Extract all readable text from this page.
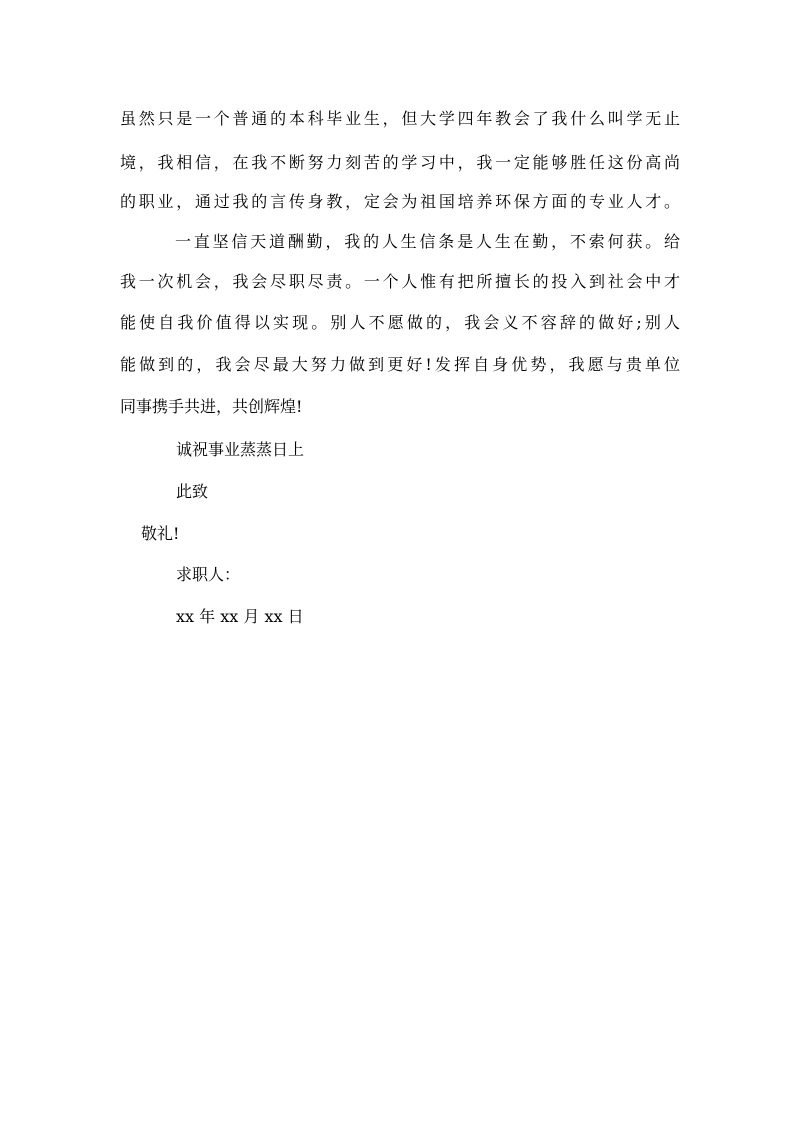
虽然只是一个普通的本科毕业生，但大学四年教会了我什么叫学无止
境，我相信，在我不断努力刻苦的学习中，我一定能够胜任这份高尚
的职业，通过我的言传身教，定会为祖国培养环保方面的专业人才。
一直坚信天道酬勤，我的人生信条是人生在勤，不索何获。给
我一次机会，我会尽职尽责。一个人惟有把所擅长的投入到社会中才
能使自我价值得以实现。别人不愿做的，我会义不容辞的做好;别人
能做到的，我会尽最大努力做到更好!发挥自身优势，我愿与贵单位
同事携手共进，共创辉煌!
诚祝事业蒸蒸日上
此致
敬礼!
求职人：
xx 年 xx 月 xx 日
